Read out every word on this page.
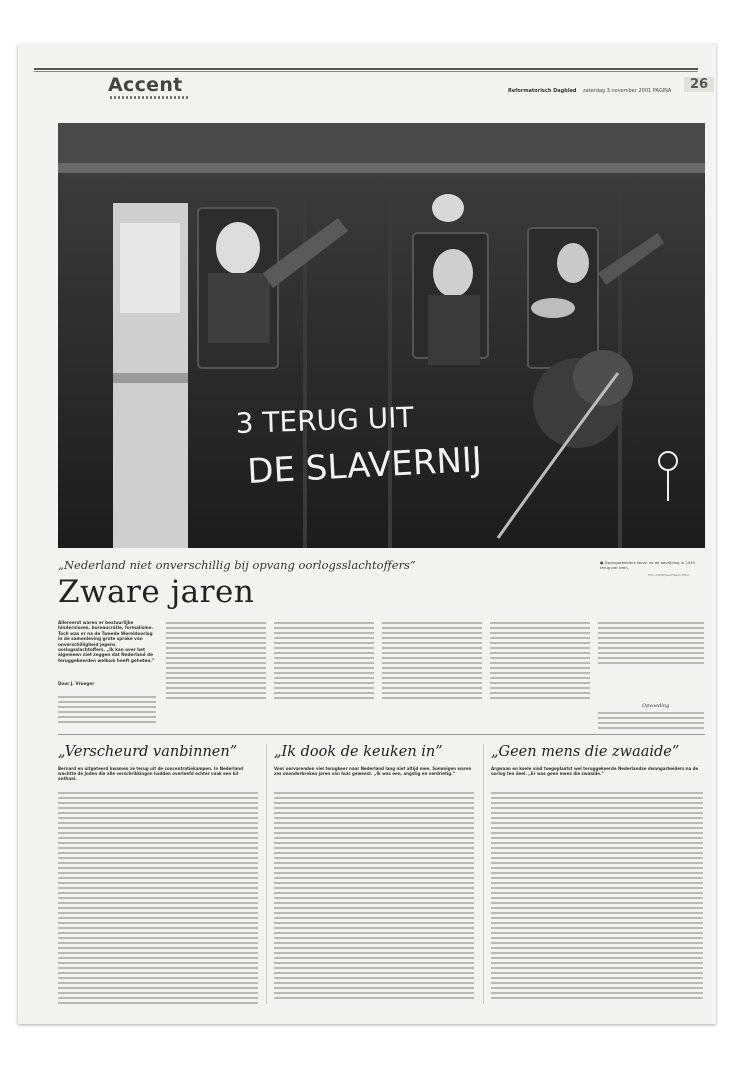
Accent	Reformatorisch Dagblad zaterdag 3 november 2001 PAGINA	26
3 TERUG UIT
DE SLAVERNIJ
„Nederland niet onverschillig bij opvang oorlogsslachtoffers”
Zware jaren
● Dwangarbeiders keren na de bevrijding in 1945 terug per trein.
Foto: NIOD/beeldbank WO2
Allereerst waren er bestuurlijke hindernissen, bureaucratie, formalisme. Toch was er na de Tweede Wereldoorlog in de samenleving grote sprake van onverschilligheid jegens oorlogsslachtoffers. „Ik kan over het algemeen niet zeggen dat Nederland de teruggekeerden welkom heeft geheten.”
Door J. Vroeger
Opvoeding
„Verscheurd vanbinnen”
Bernard en uitgeteerd kwamen ze terug uit de concentratiekampen. In Nederland wachtte de Joden die alle verschrikkingen hadden overleefd echter vaak een kil onthaal.
„Ik dook de keuken in”
Voor oorvarenden viel terugkeer naar Nederland lang niet altijd mee. Sommigen waren zes ononderbroken jaren van huis geweest. „Ik was een, angstig en verdrietig.”
„Geen mens die zwaaide”
Argwaan en koele vind toegeplaatst wel teruggekeerde Nederlandse dwangarbeiders na de oorlog ten deel. „Er was geen mens die zwaaide.”
